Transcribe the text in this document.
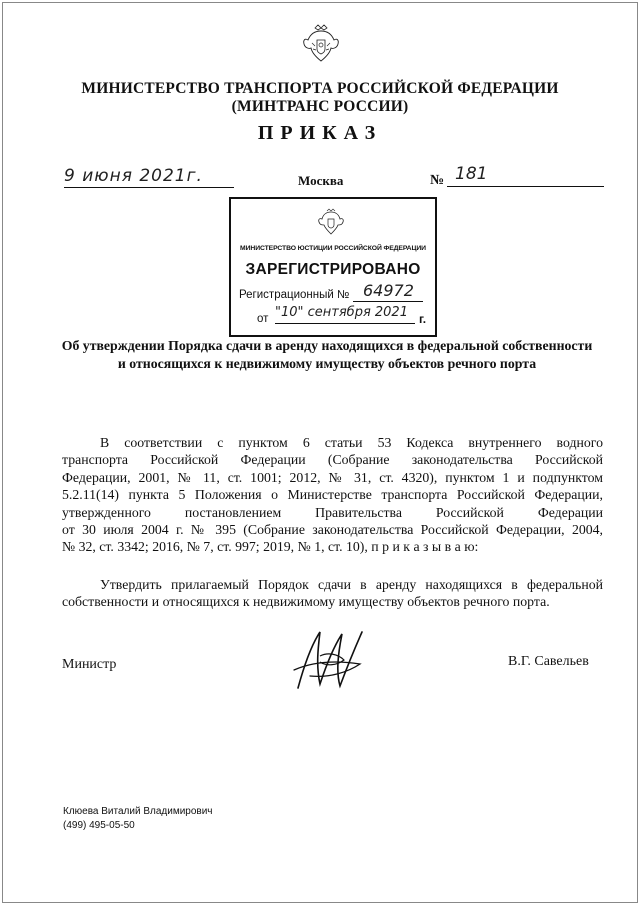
МИНИСТЕРСТВО ТРАНСПОРТА РОССИЙСКОЙ ФЕДЕРАЦИИ
(МИНТРАНС РОССИИ)
ПРИКАЗ
9 июня 2021г.	Москва	№ 181
МИНИСТЕРСТВО ЮСТИЦИИ РОССИЙСКОЙ ФЕДЕРАЦИИ
ЗАРЕГИСТРИРОВАНО
Регистрационный № 64972
от "10" сентября 2021 г.
Об утверждении Порядка сдачи в аренду находящихся в федеральной собственности и относящихся к недвижимому имуществу объектов речного порта
В соответствии с пунктом 6 статьи 53 Кодекса внутреннего водного
транспорта Российской Федерации (Собрание законодательства Российской
Федерации, 2001, № 11, ст. 1001; 2012, № 31, ст. 4320), пунктом 1 и подпунктом
5.2.11(14) пункта 5 Положения о Министерстве транспорта Российской Федерации,
утвержденного постановлением Правительства Российской Федерации
от 30 июля 2004 г. № 395 (Собрание законодательства Российской Федерации, 2004,
№ 32, ст. 3342; 2016, № 7, ст. 997; 2019, № 1, ст. 10), п р и к а з ы в а ю:
Утвердить прилагаемый Порядок сдачи в аренду находящихся в федеральной
собственности и относящихся к недвижимому имуществу объектов речного порта.
Министр	В.Г. Савельев
Клюева Виталий Владимирович
(499) 495-05-50
